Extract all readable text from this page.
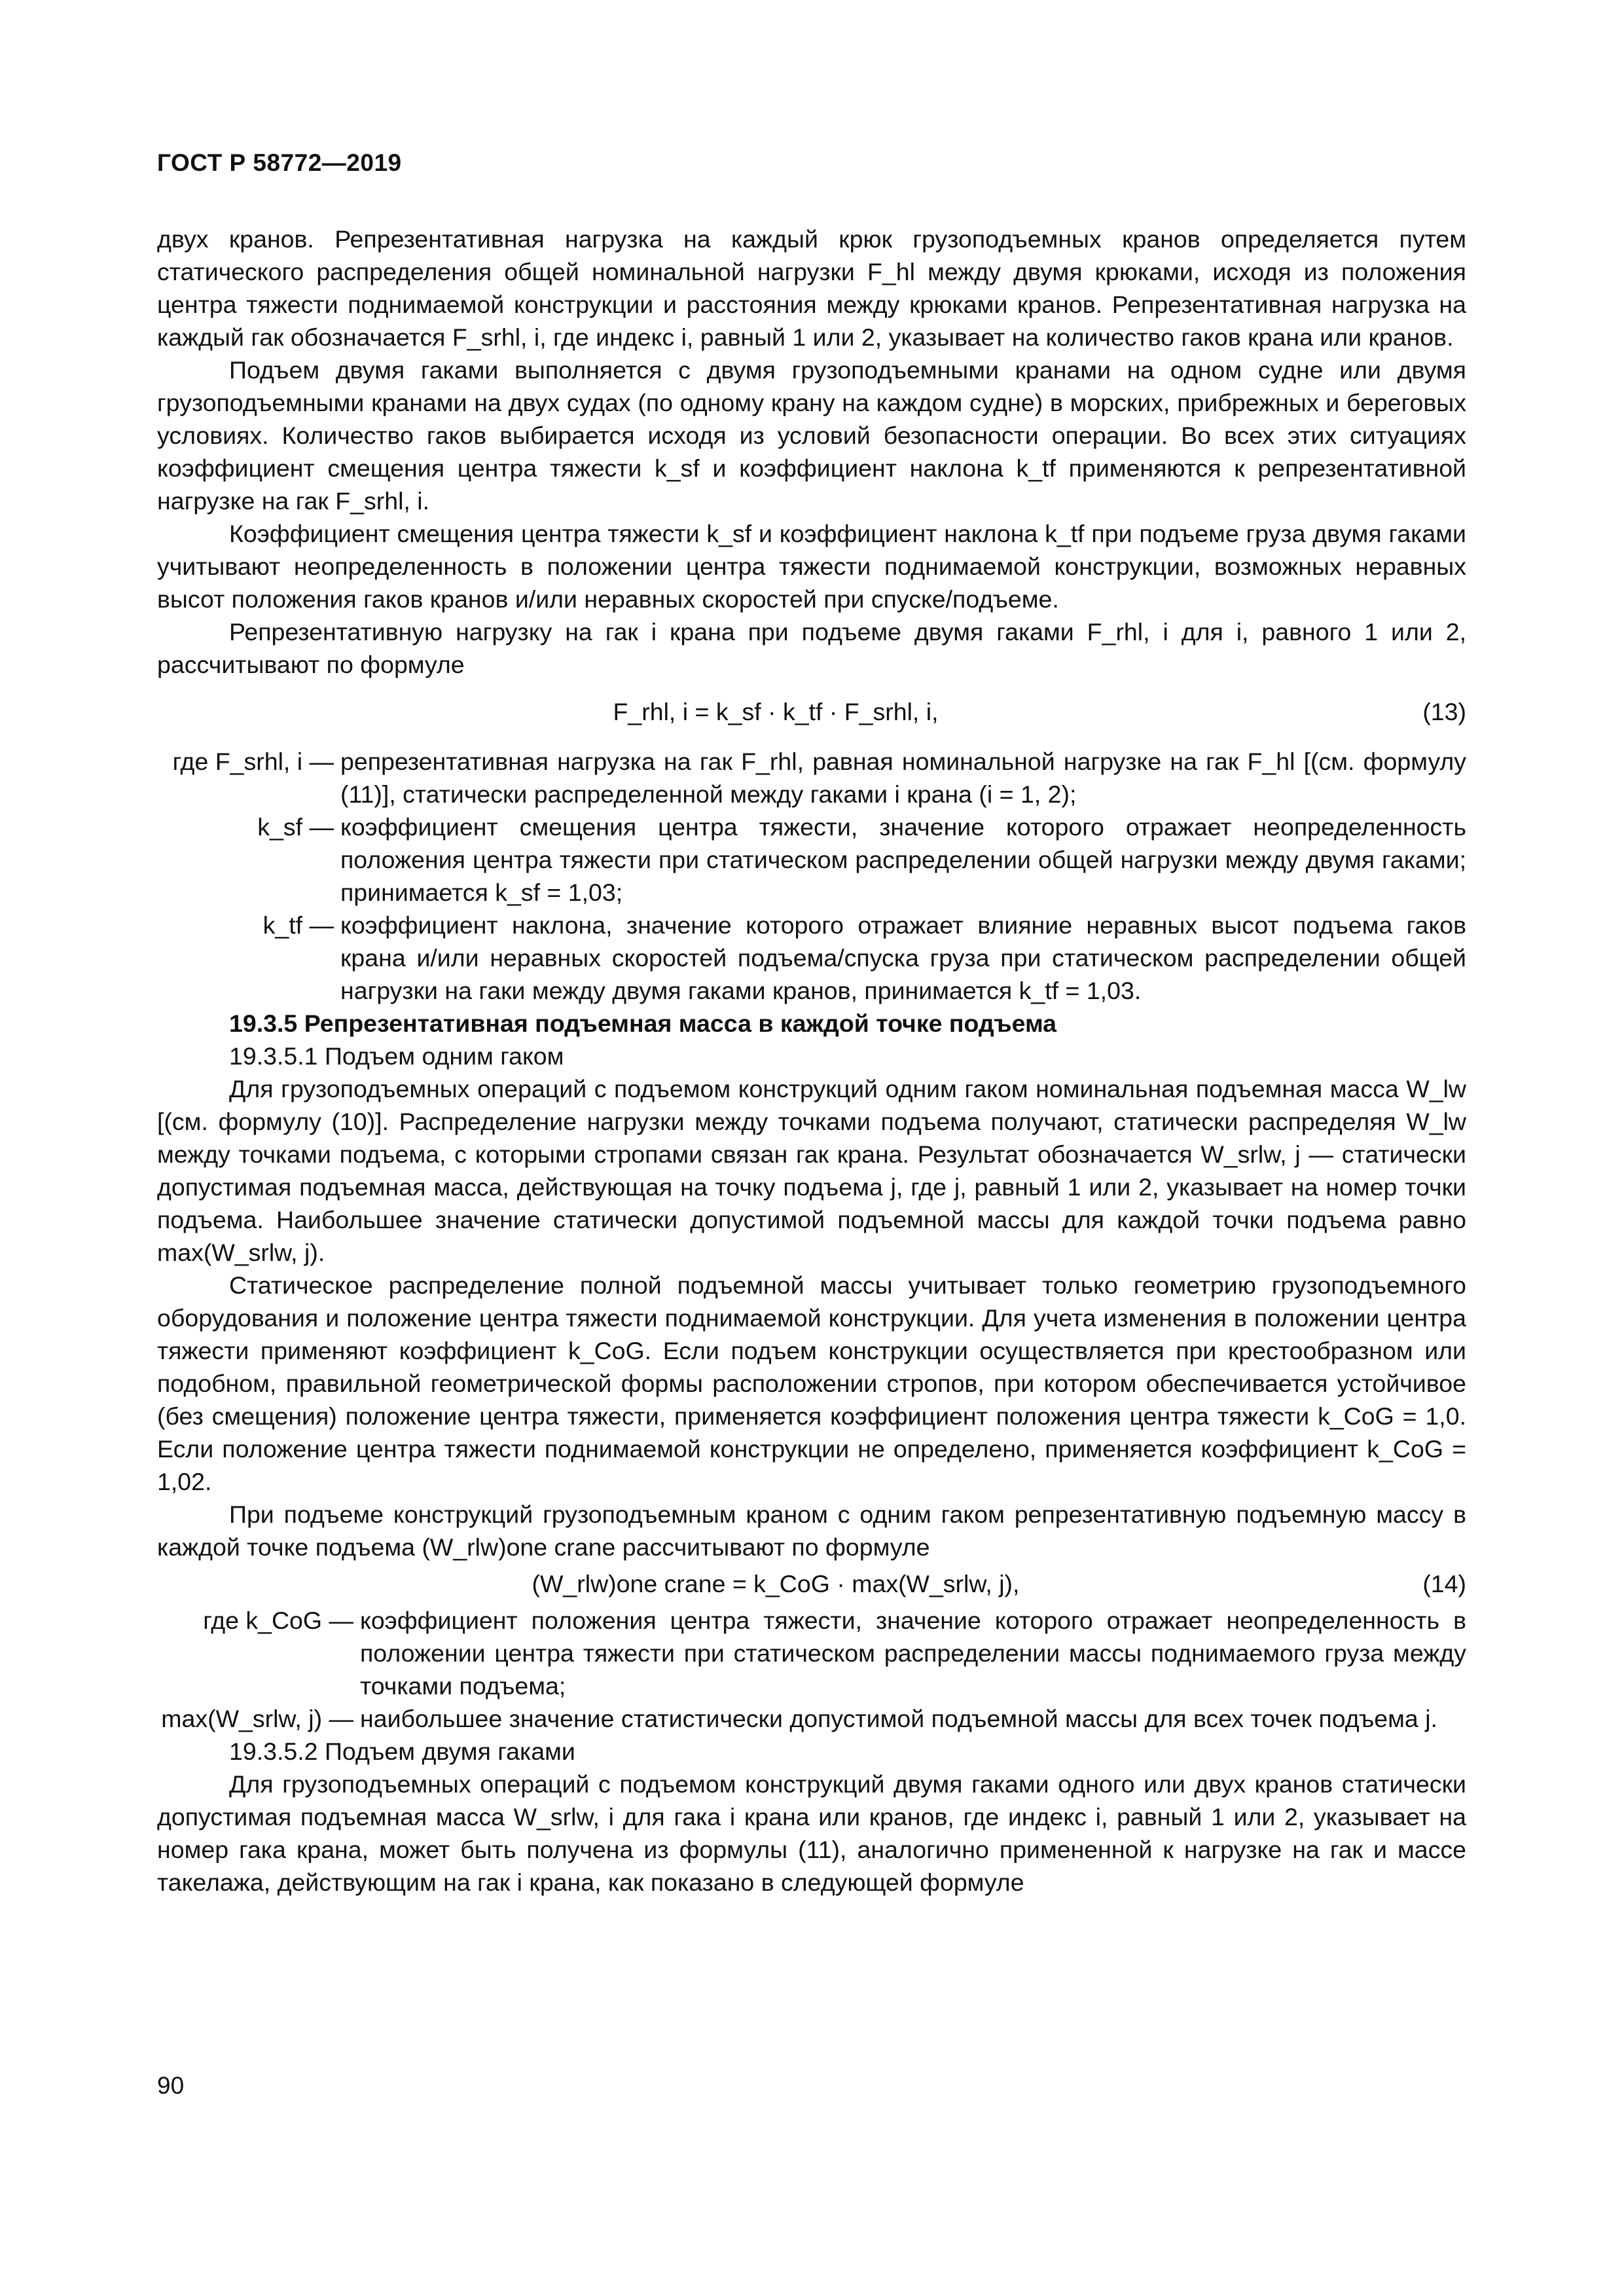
ГОСТ Р 58772—2019

двух кранов. Репрезентативная нагрузка на каждый крюк грузоподъемных кранов определяется путем статического распределения общей номинальной нагрузки F_hl между двумя крюками, исходя из положения центра тяжести поднимаемой конструкции и расстояния между крюками кранов. Репрезентативная нагрузка на каждый гак обозначается F_srhl, i, где индекс i, равный 1 или 2, указывает на количество гаков крана или кранов.

Подъем двумя гаками выполняется с двумя грузоподъемными кранами на одном судне или двумя грузоподъемными кранами на двух судах (по одному крану на каждом судне) в морских, прибрежных и береговых условиях. Количество гаков выбирается исходя из условий безопасности операции. Во всех этих ситуациях коэффициент смещения центра тяжести k_sf и коэффициент наклона k_tf применяются к репрезентативной нагрузке на гак F_srhl, i.

Коэффициент смещения центра тяжести k_sf и коэффициент наклона k_tf при подъеме груза двумя гаками учитывают неопределенность в положении центра тяжести поднимаемой конструкции, возможных неравных высот положения гаков кранов и/или неравных скоростей при спуске/подъеме.

Репрезентативную нагрузку на гак i крана при подъеме двумя гаками F_rhl, i для i, равного 1 или 2, рассчитывают по формуле

F_rhl, i = k_sf · k_tf · F_srhl, i,	(13)
где F_srhl, i — репрезентативная нагрузка на гак F_rhl, равная номинальной нагрузке на гак F_hl [(см. формулу (11)], статически распределенной между гаками i крана (i = 1, 2);
k_sf — коэффициент смещения центра тяжести, значение которого отражает неопределенность положения центра тяжести при статическом распределении общей нагрузки между двумя гаками; принимается k_sf = 1,03;
k_tf — коэффициент наклона, значение которого отражает влияние неравных высот подъема гаков крана и/или неравных скоростей подъема/спуска груза при статическом распределении общей нагрузки на гаки между двумя гаками кранов, принимается k_tf = 1,03.

19.3.5 Репрезентативная подъемная масса в каждой точке подъема

19.3.5.1 Подъем одним гаком

Для грузоподъемных операций с подъемом конструкций одним гаком номинальная подъемная масса W_lw [(см. формулу (10)]. Распределение нагрузки между точками подъема получают, статически распределяя W_lw между точками подъема, с которыми стропами связан гак крана. Результат обозначается W_srlw, j — статически допустимая подъемная масса, действующая на точку подъема j, где j, равный 1 или 2, указывает на номер точки подъема. Наибольшее значение статически допустимой подъемной массы для каждой точки подъема равно max(W_srlw, j).

Статическое распределение полной подъемной массы учитывает только геометрию грузоподъемного оборудования и положение центра тяжести поднимаемой конструкции. Для учета изменения в положении центра тяжести применяют коэффициент k_CoG. Если подъем конструкции осуществляется при крестообразном или подобном, правильной геометрической формы расположении стропов, при котором обеспечивается устойчивое (без смещения) положение центра тяжести, применяется коэффициент положения центра тяжести k_CoG = 1,0. Если положение центра тяжести поднимаемой конструкции не определено, применяется коэффициент k_CoG = 1,02.

При подъеме конструкций грузоподъемным краном с одним гаком репрезентативную подъемную массу в каждой точке подъема (W_rlw)one crane рассчитывают по формуле

(W_rlw)one crane = k_CoG · max(W_srlw, j),	(14)
где k_CoG — коэффициент положения центра тяжести, значение которого отражает неопределенность в положении центра тяжести при статическом распределении массы поднимаемого груза между точками подъема;
max(W_srlw, j) — наибольшее значение статистически допустимой подъемной массы для всех точек подъема j.

19.3.5.2 Подъем двумя гаками

Для грузоподъемных операций с подъемом конструкций двумя гаками одного или двух кранов статически допустимая подъемная масса W_srlw, i для гака i крана или кранов, где индекс i, равный 1 или 2, указывает на номер гака крана, может быть получена из формулы (11), аналогично примененной к нагрузке на гак и массе такелажа, действующим на гак i крана, как показано в следующей формуле

90
